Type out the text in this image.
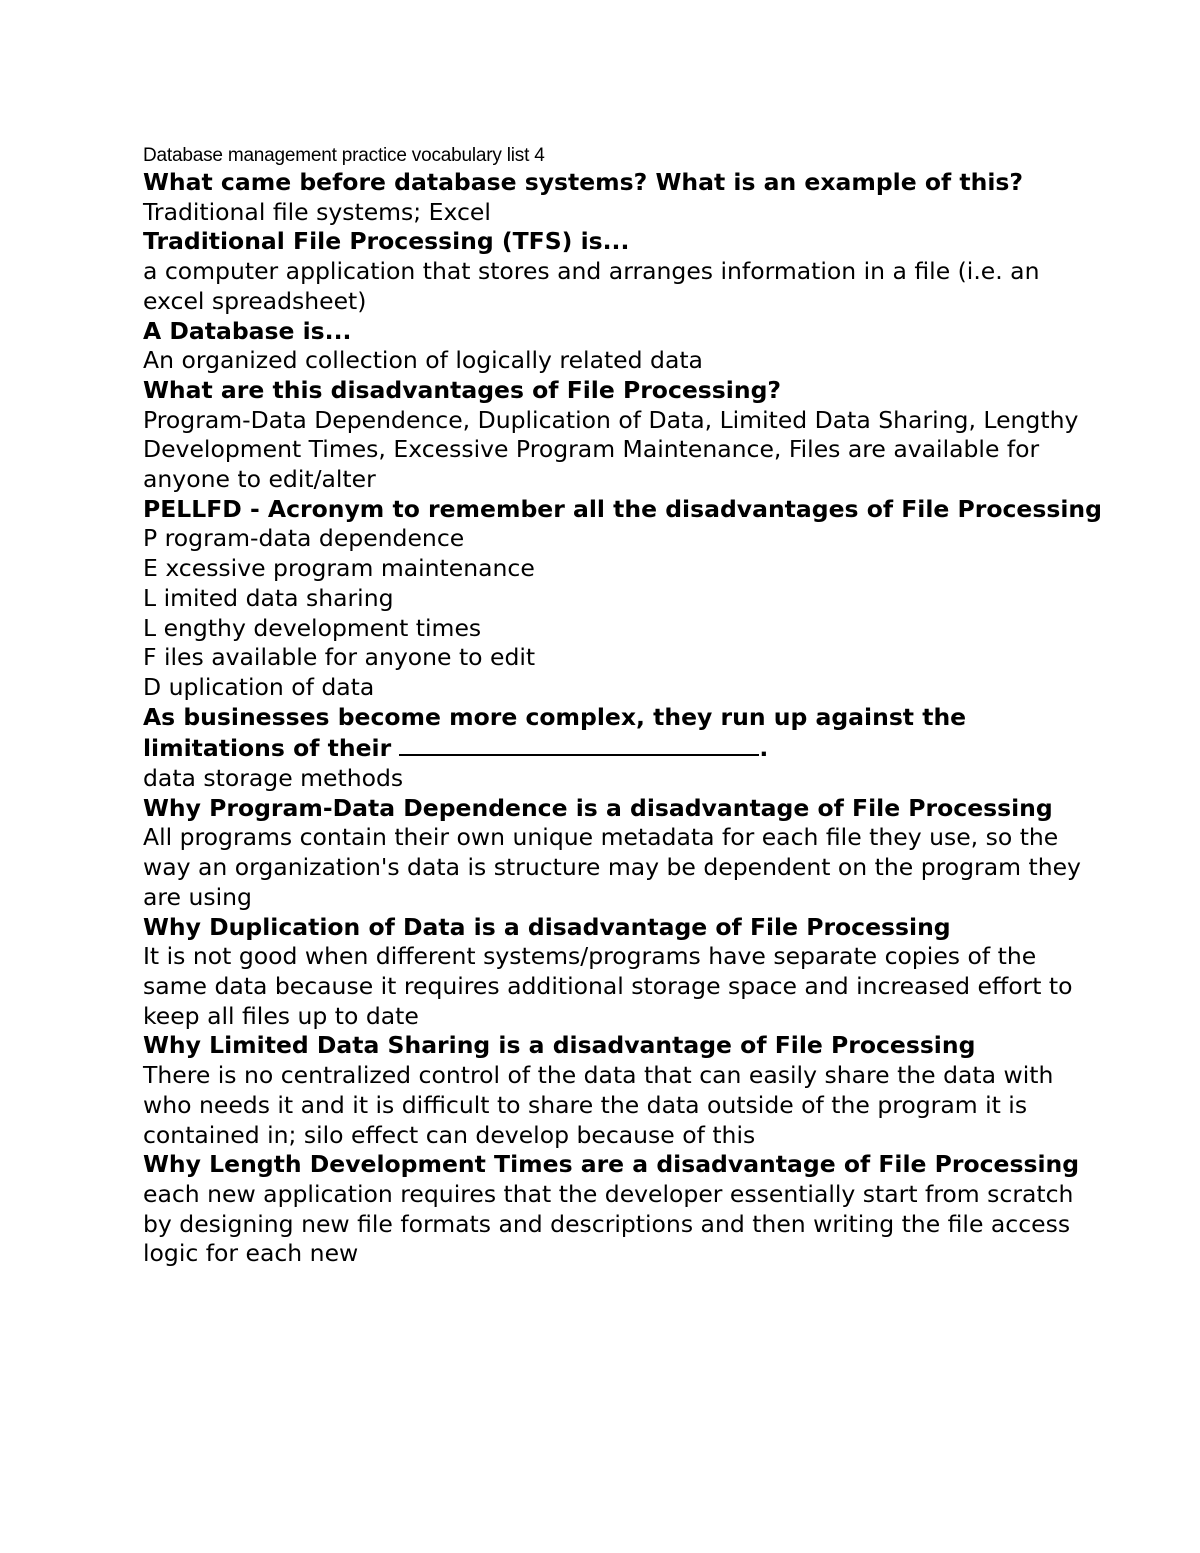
Database management practice vocabulary list 4

What came before database systems? What is an example of this?

Traditional file systems; Excel

Traditional File Processing (TFS) is...

a computer application that stores and arranges information in a file (i.e. an excel spreadsheet)

A Database is...

An organized collection of logically related data

What are this disadvantages of File Processing?

Program-Data Dependence, Duplication of Data, Limited Data Sharing, Lengthy Development Times, Excessive Program Maintenance, Files are available for anyone to edit/alter

PELLFD - Acronym to remember all the disadvantages of File Processing

P rogram-data dependence

E xcessive program maintenance

L imited data sharing

L engthy development times

F iles available for anyone to edit

D uplication of data

As businesses become more complex, they run up against the limitations of their	.

data storage methods

Why Program-Data Dependence is a disadvantage of File Processing

All programs contain their own unique metadata for each file they use, so the way an organization's data is structure may be dependent on the program they are using

Why Duplication of Data is a disadvantage of File Processing

It is not good when different systems/programs have separate copies of the same data because it requires additional storage space and increased effort to keep all files up to date

Why Limited Data Sharing is a disadvantage of File Processing

There is no centralized control of the data that can easily share the data with who needs it and it is difficult to share the data outside of the program it is contained in; silo effect can develop because of this

Why Length Development Times are a disadvantage of File Processing

each new application requires that the developer essentially start from scratch by designing new file formats and descriptions and then writing the file access logic for each new
